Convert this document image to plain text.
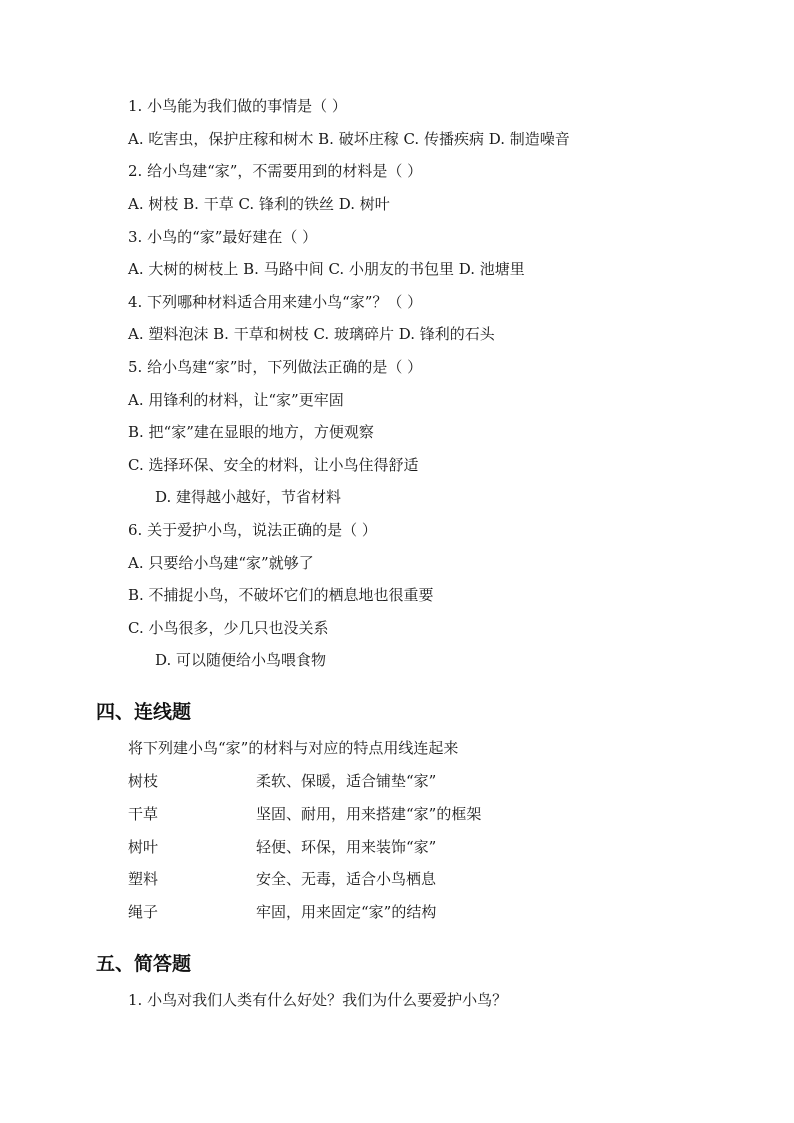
1. 小鸟能为我们做的事情是（ ）
A. 吃害虫，保护庄稼和树木 B. 破坏庄稼 C. 传播疾病 D. 制造噪音
2. 给小鸟建“家”，不需要用到的材料是（ ）
A. 树枝 B. 干草 C. 锋利的铁丝 D. 树叶
3. 小鸟的“家”最好建在（ ）
A. 大树的树枝上 B. 马路中间 C. 小朋友的书包里 D. 池塘里
4. 下列哪种材料适合用来建小鸟“家”？（ ）
A. 塑料泡沫 B. 干草和树枝 C. 玻璃碎片 D. 锋利的石头
5. 给小鸟建“家”时，下列做法正确的是（ ）
A. 用锋利的材料，让“家”更牢固
B. 把“家”建在显眼的地方，方便观察
C. 选择环保、安全的材料，让小鸟住得舒适
D. 建得越小越好，节省材料
6. 关于爱护小鸟，说法正确的是（ ）
A. 只要给小鸟建“家”就够了
B. 不捕捉小鸟，不破坏它们的栖息地也很重要
C. 小鸟很多，少几只也没关系
D. 可以随便给小鸟喂食物
四、连线题
将下列建小鸟“家”的材料与对应的特点用线连起来
树枝	柔软、保暖，适合铺垫“家”
干草	坚固、耐用，用来搭建“家”的框架
树叶	轻便、环保，用来装饰“家”
塑料	安全、无毒，适合小鸟栖息
绳子	牢固，用来固定“家”的结构
五、简答题
1. 小鸟对我们人类有什么好处？我们为什么要爱护小鸟？
